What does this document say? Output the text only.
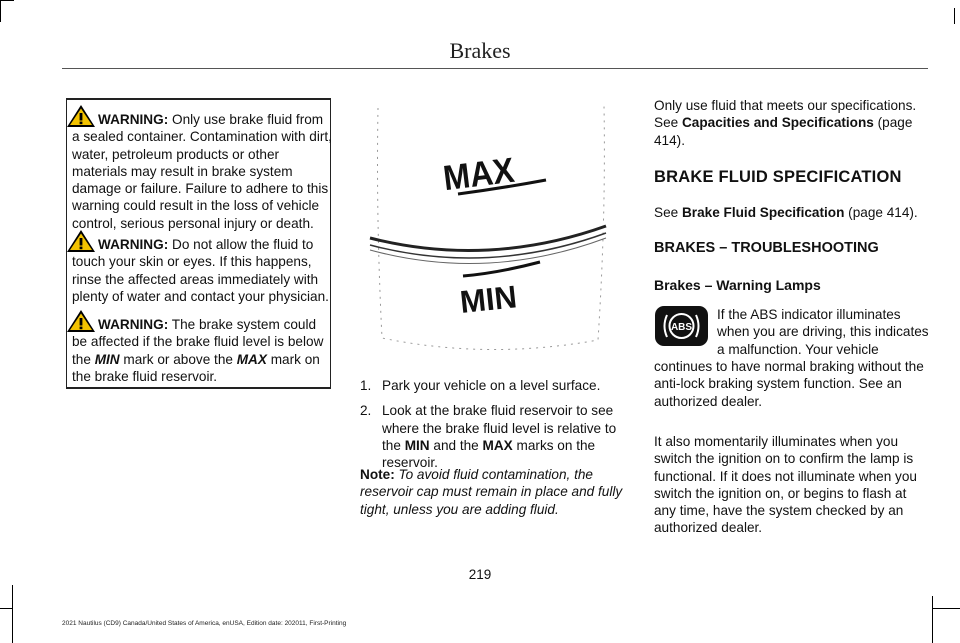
Brakes
WARNING: Only use brake fluid from a sealed container. Contamination with dirt, water, petroleum products or other materials may result in brake system damage or failure. Failure to adhere to this warning could result in the loss of vehicle control, serious personal injury or death.
WARNING: Do not allow the fluid to touch your skin or eyes. If this happens, rinse the affected areas immediately with plenty of water and contact your physician.
WARNING: The brake system could be affected if the brake fluid level is below the MIN mark or above the MAX mark on the brake fluid reservoir.
MAX
MIN
1. Park your vehicle on a level surface.
2. Look at the brake fluid reservoir to see where the brake fluid level is relative to the MIN and the MAX marks on the reservoir.
Note: To avoid fluid contamination, the reservoir cap must remain in place and fully tight, unless you are adding fluid.
Only use fluid that meets our specifications. See Capacities and Specifications (page 414).
BRAKE FLUID SPECIFICATION
See Brake Fluid Specification (page 414).
BRAKES – TROUBLESHOOTING
Brakes – Warning Lamps
ABS
If the ABS indicator illuminates when you are driving, this indicates a malfunction. Your vehicle
continues to have normal braking without the anti-lock braking system function. See an authorized dealer.
It also momentarily illuminates when you switch the ignition on to confirm the lamp is functional. If it does not illuminate when you switch the ignition on, or begins to flash at any time, have the system checked by an authorized dealer.
219
2021 Nautilus (CD9) Canada/United States of America, enUSA, Edition date: 202011, First-Printing
